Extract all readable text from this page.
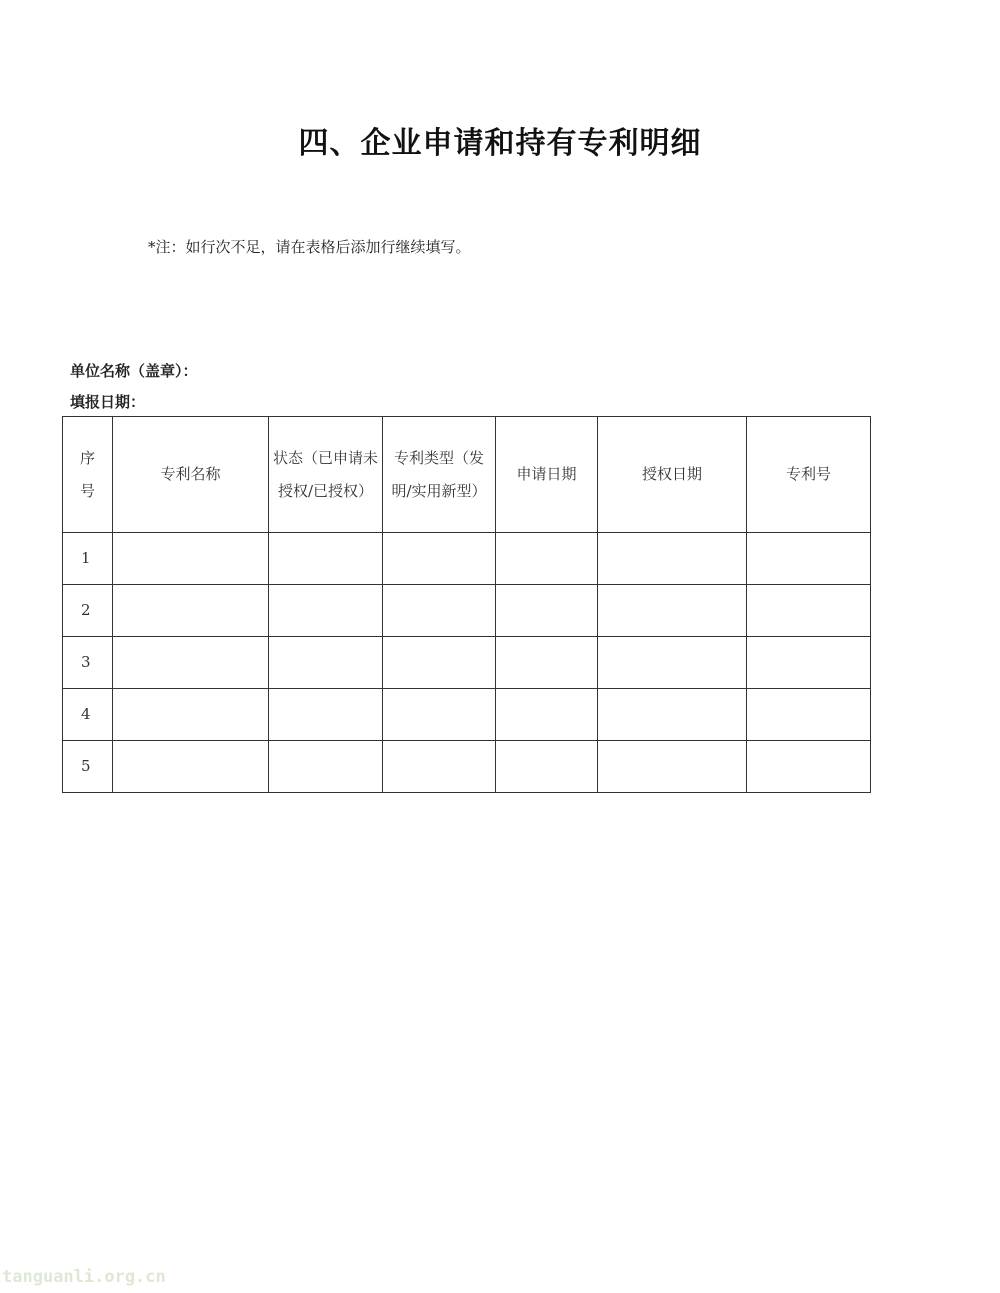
四、企业申请和持有专利明细
*注：如行次不足，请在表格后添加行继续填写。
单位名称（盖章）：
填报日期：
序号	专利名称	状态（已申请未授权/已授权）	专利类型（发明/实用新型）	申请日期	授权日期	专利号
1						
2						
3						
4						
5						
tanguanli.org.cn
